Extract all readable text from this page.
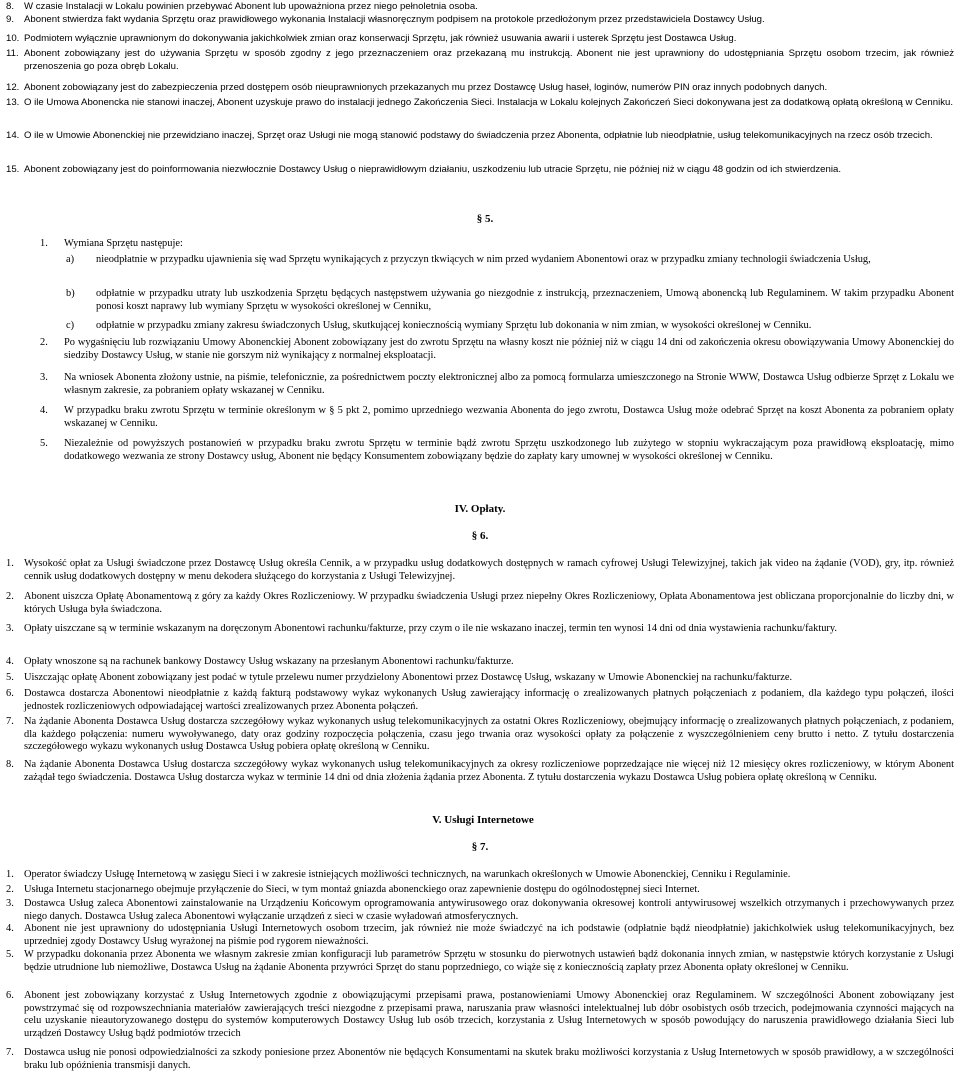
8.	W czasie Instalacji w Lokalu powinien przebywać Abonent lub upoważniona przez niego pełnoletnia osoba.
9.	Abonent stwierdza fakt wydania Sprzętu oraz prawidłowego wykonania Instalacji własnoręcznym podpisem na protokole przedłożonym przez przedstawiciela Dostawcy Usług.
10. Podmiotem wyłącznie uprawnionym do dokonywania jakichkolwiek zmian oraz konserwacji Sprzętu, jak również usuwania awarii i usterek Sprzętu jest Dostawca Usług.
11. Abonent zobowiązany jest do używania Sprzętu w sposób zgodny z jego przeznaczeniem oraz przekazaną mu instrukcją. Abonent nie jest uprawniony do udostępniania Sprzętu osobom trzecim, jak również przenoszenia go poza obręb Lokalu.
12. Abonent zobowiązany jest do zabezpieczenia przed dostępem osób nieuprawnionych przekazanych mu przez Dostawcę Usług haseł, loginów, numerów PIN oraz innych podobnych danych.
13. O ile Umowa Abonencka nie stanowi inaczej, Abonent uzyskuje prawo do instalacji jednego Zakończenia Sieci. Instalacja w Lokalu kolejnych Zakończeń Sieci dokonywana jest za dodatkową opłatą określoną w Cenniku.
14. O ile w Umowie Abonenckiej nie przewidziano inaczej, Sprzęt oraz Usługi nie mogą stanowić podstawy do świadczenia przez Abonenta, odpłatnie lub nieodpłatnie, usług telekomunikacyjnych na rzecz osób trzecich.
15. Abonent zobowiązany jest do poinformowania niezwłocznie Dostawcy Usług o nieprawidłowym działaniu, uszkodzeniu lub utracie Sprzętu, nie później niż w ciągu 48 godzin od ich stwierdzenia.
§ 5.
1. Wymiana Sprzętu następuje:
a) nieodpłatnie w przypadku ujawnienia się wad Sprzętu wynikających z przyczyn tkwiących w nim przed wydaniem Abonentowi oraz w przypadku zmiany technologii świadczenia Usług,
b) odpłatnie w przypadku utraty lub uszkodzenia Sprzętu będących następstwem używania go niezgodnie z instrukcją, przeznaczeniem, Umową abonencką lub Regulaminem. W takim przypadku Abonent ponosi koszt naprawy lub wymiany Sprzętu w wysokości określonej w Cenniku,
c) odpłatnie w przypadku zmiany zakresu świadczonych Usług, skutkującej koniecznością wymiany Sprzętu lub dokonania w nim zmian, w wysokości określonej w Cenniku.
2. Po wygaśnięciu lub rozwiązaniu Umowy Abonenckiej Abonent zobowiązany jest do zwrotu Sprzętu na własny koszt nie później niż w ciągu 14 dni od zakończenia okresu obowiązywania Umowy Abonenckiej do siedziby Dostawcy Usług, w stanie nie gorszym niż wynikający z normalnej eksploatacji.
3. Na wniosek Abonenta złożony ustnie, na piśmie, telefonicznie, za pośrednictwem poczty elektronicznej albo za pomocą formularza umieszczonego na Stronie WWW, Dostawca Usług odbierze Sprzęt z Lokalu we własnym zakresie, za pobraniem opłaty wskazanej w Cenniku.
4. W przypadku braku zwrotu Sprzętu w terminie określonym w § 5 pkt 2, pomimo uprzedniego wezwania Abonenta do jego zwrotu, Dostawca Usług może odebrać Sprzęt na koszt Abonenta za pobraniem opłaty wskazanej w Cenniku.
5. Niezależnie od powyższych postanowień w przypadku braku zwrotu Sprzętu w terminie bądź zwrotu Sprzętu uszkodzonego lub zużytego w stopniu wykraczającym poza prawidłową eksploatację, mimo dodatkowego wezwania ze strony Dostawcy usług, Abonent nie będący Konsumentem zobowiązany będzie do zapłaty kary umownej w wysokości określonej w Cenniku.
IV. Opłaty.
§ 6.
1. Wysokość opłat za Usługi świadczone przez Dostawcę Usług określa Cennik, a w przypadku usług dodatkowych dostępnych w ramach cyfrowej Usługi Telewizyjnej, takich jak video na żądanie (VOD), gry, itp. również cennik usług dodatkowych dostępny w menu dekodera służącego do korzystania z Usługi Telewizyjnej.
2. Abonent uiszcza Opłatę Abonamentową z góry za każdy Okres Rozliczeniowy. W przypadku świadczenia Usługi przez niepełny Okres Rozliczeniowy, Opłata Abonamentowa jest obliczana proporcjonalnie do liczby dni, w których Usługa była świadczona.
3. Opłaty uiszczane są w terminie wskazanym na doręczonym Abonentowi rachunku/fakturze, przy czym o ile nie wskazano inaczej, termin ten wynosi 14 dni od dnia wystawienia rachunku/faktury.
4. Opłaty wnoszone są na rachunek bankowy Dostawcy Usług wskazany na przesłanym Abonentowi rachunku/fakturze.
5. Uiszczając opłatę Abonent zobowiązany jest podać w tytule przelewu numer przydzielony Abonentowi przez Dostawcę Usług, wskazany w Umowie Abonenckiej na rachunku/fakturze.
6. Dostawca dostarcza Abonentowi nieodpłatnie z każdą fakturą podstawowy wykaz wykonanych Usług zawierający informację o zrealizowanych płatnych połączeniach z podaniem, dla każdego typu połączeń, ilości jednostek rozliczeniowych odpowiadającej wartości zrealizowanych przez Abonenta połączeń.
7. Na żądanie Abonenta Dostawca Usług dostarcza szczegółowy wykaz wykonanych usług telekomunikacyjnych za ostatni Okres Rozliczeniowy, obejmujący informację o zrealizowanych płatnych połączeniach, z podaniem, dla każdego połączenia: numeru wywoływanego, daty oraz godziny rozpoczęcia połączenia, czasu jego trwania oraz wysokości opłaty za połączenie z wyszczególnieniem ceny brutto i netto. Z tytułu dostarczenia szczegółowego wykazu wykonanych usług Dostawca Usług pobiera opłatę określoną w Cenniku.
8. Na żądanie Abonenta Dostawca Usług dostarcza szczegółowy wykaz wykonanych usług telekomunikacyjnych za okresy rozliczeniowe poprzedzające nie więcej niż 12 miesięcy okres rozliczeniowy, w którym Abonent zażądał tego świadczenia. Dostawca Usług dostarcza wykaz w terminie 14 dni od dnia złożenia żądania przez Abonenta. Z tytułu dostarczenia wykazu Dostawca Usług pobiera opłatę określoną w Cenniku.
V. Usługi Internetowe
§ 7.
1. Operator świadczy Usługę Internetową w zasięgu Sieci i w zakresie istniejących możliwości technicznych, na warunkach określonych w Umowie Abonenckiej, Cenniku i Regulaminie.
2. Usługa Internetu stacjonarnego obejmuje przyłączenie do Sieci, w tym montaż gniazda abonenckiego oraz zapewnienie dostępu do ogólnodostępnej sieci Internet.
3. Dostawca Usług zaleca Abonentowi zainstalowanie na Urządzeniu Końcowym oprogramowania antywirusowego oraz dokonywania okresowej kontroli antywirusowej wszelkich otrzymanych i przechowywanych przez niego danych. Dostawca Usług zaleca Abonentowi wyłączanie urządzeń z sieci w czasie wyładowań atmosferycznych.
4. Abonent nie jest uprawniony do udostępniania Usługi Internetowych osobom trzecim, jak również nie może świadczyć na ich podstawie (odpłatnie bądź nieodpłatnie) jakichkolwiek usług telekomunikacyjnych, bez uprzedniej zgody Dostawcy Usług wyrażonej na piśmie pod rygorem nieważności.
5. W przypadku dokonania przez Abonenta we własnym zakresie zmian konfiguracji lub parametrów Sprzętu w stosunku do pierwotnych ustawień bądź dokonania innych zmian, w następstwie których korzystanie z Usługi będzie utrudnione lub niemożliwe, Dostawca Usług na żądanie Abonenta przywróci Sprzęt do stanu poprzedniego, co wiąże się z koniecznością zapłaty przez Abonenta opłaty określonej w Cenniku.
6. Abonent jest zobowiązany korzystać z Usług Internetowych zgodnie z obowiązującymi przepisami prawa, postanowieniami Umowy Abonenckiej oraz Regulaminem. W szczególności Abonent zobowiązany jest powstrzymać się od rozpowszechniania materiałów zawierających treści niezgodne z przepisami prawa, naruszania praw własności intelektualnej lub dóbr osobistych osób trzecich, podejmowania czynności mających na celu uzyskanie nieautoryzowanego dostępu do systemów komputerowych Dostawcy Usług lub osób trzecich, korzystania z Usług Internetowych w sposób powodujący do naruszenia prawidłowego działania Sieci lub urządzeń Dostawcy Usług bądź podmiotów trzecich
7. Dostawca usług nie ponosi odpowiedzialności za szkody poniesione przez Abonentów nie będących Konsumentami na skutek braku możliwości korzystania z Usług Internetowych w sposób prawidłowy, a w szczególności braku lub opóźnienia transmisji danych.
